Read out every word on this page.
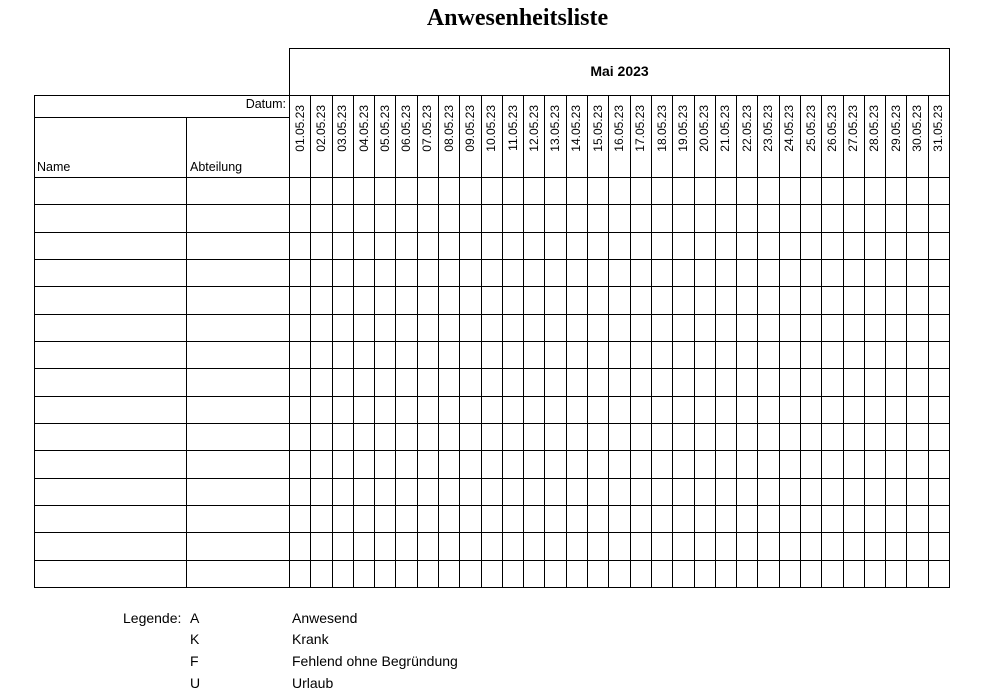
Anwesenheitsliste
Mai 2023
Datum:
Name	Abteilung
01.05.23 02.05.23 03.05.23 04.05.23 05.05.23 06.05.23 07.05.23 08.05.23 09.05.23 10.05.23 11.05.23 12.05.23 13.05.23 14.05.23 15.05.23 16.05.23 17.05.23 18.05.23 19.05.23 20.05.23 21.05.23 22.05.23 23.05.23 24.05.23 25.05.23 26.05.23 27.05.23 28.05.23 29.05.23 30.05.23 31.05.23
Legende: A	Anwesend
K	Krank
F	Fehlend ohne Begründung
U	Urlaub
